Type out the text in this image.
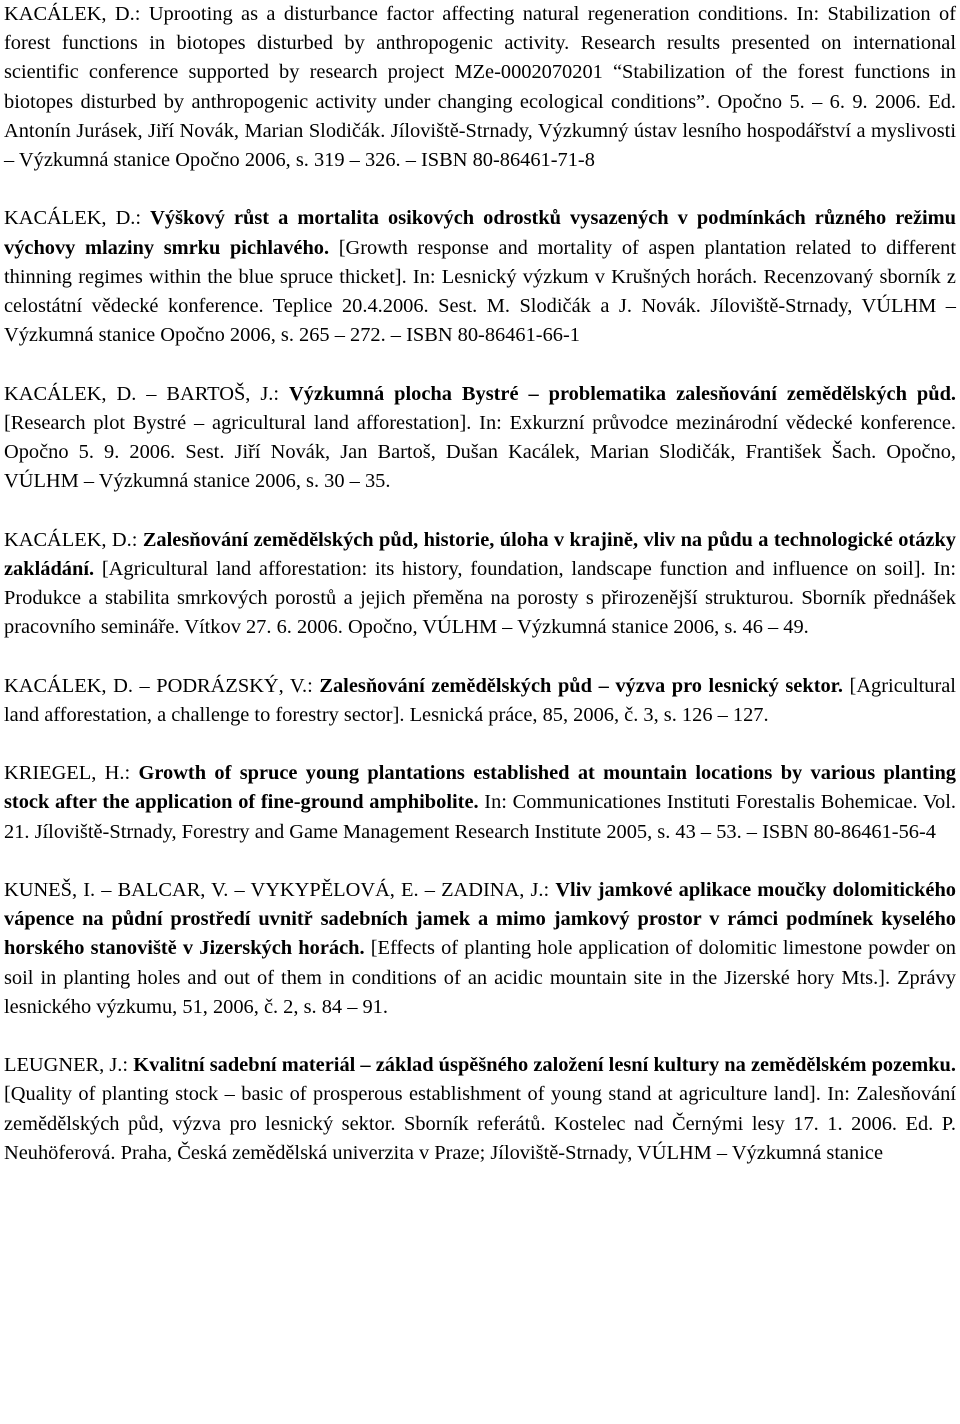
KACÁLEK, D.: Uprooting as a disturbance factor affecting natural regeneration conditions. In: Stabilization of forest functions in biotopes disturbed by anthropogenic activity. Research results presented on international scientific conference supported by research project MZe-0002070201 “Stabilization of the forest functions in biotopes disturbed by anthropogenic activity under changing ecological conditions”. Opočno 5. – 6. 9. 2006. Ed. Antonín Jurásek, Jiří Novák, Marian Slodičák. Jíloviště-Strnady, Výzkumný ústav lesního hospodářství a myslivosti – Výzkumná stanice Opočno 2006, s. 319 – 326. – ISBN 80-86461-71-8

KACÁLEK, D.: Výškový růst a mortalita osikových odrostků vysazených v podmínkách různého režimu výchovy mlaziny smrku pichlavého. [Growth response and mortality of aspen plantation related to different thinning regimes within the blue spruce thicket]. In: Lesnický výzkum v Krušných horách. Recenzovaný sborník z celostátní vědecké konference. Teplice 20.4.2006. Sest. M. Slodičák a J. Novák. Jíloviště-Strnady, VÚLHM – Výzkumná stanice Opočno 2006, s. 265 – 272. – ISBN 80-86461-66-1

KACÁLEK, D. – BARTOŠ, J.: Výzkumná plocha Bystré – problematika zalesňování zemědělských půd. [Research plot Bystré – agricultural land afforestation]. In: Exkurzní průvodce mezinárodní vědecké konference. Opočno 5. 9. 2006. Sest. Jiří Novák, Jan Bartoš, Dušan Kacálek, Marian Slodičák, František Šach. Opočno, VÚLHM – Výzkumná stanice 2006, s. 30 – 35.

KACÁLEK, D.: Zalesňování zemědělských půd, historie, úloha v krajině, vliv na půdu a technologické otázky zakládání. [Agricultural land afforestation: its history, foundation, landscape function and influence on soil]. In: Produkce a stabilita smrkových porostů a jejich přeměna na porosty s přirozenější strukturou. Sborník přednášek pracovního semináře. Vítkov 27. 6. 2006. Opočno, VÚLHM – Výzkumná stanice 2006, s. 46 – 49.

KACÁLEK, D. – PODRÁZSKÝ, V.: Zalesňování zemědělských půd – výzva pro lesnický sektor. [Agricultural land afforestation, a challenge to forestry sector]. Lesnická práce, 85, 2006, č. 3, s. 126 – 127.

KRIEGEL, H.: Growth of spruce young plantations established at mountain locations by various planting stock after the application of fine-ground amphibolite. In: Communicationes Instituti Forestalis Bohemicae. Vol. 21. Jíloviště-Strnady, Forestry and Game Management Research Institute 2005, s. 43 – 53. – ISBN 80-86461-56-4

KUNEŠ, I. – BALCAR, V. – VYKYPĚLOVÁ, E. – ZADINA, J.: Vliv jamkové aplikace moučky dolomitického vápence na půdní prostředí uvnitř sadebních jamek a mimo jamkový prostor v rámci podmínek kyselého horského stanoviště v Jizerských horách. [Effects of planting hole application of dolomitic limestone powder on soil in planting holes and out of them in conditions of an acidic mountain site in the Jizerské hory Mts.]. Zprávy lesnického výzkumu, 51, 2006, č. 2, s. 84 – 91.

LEUGNER, J.: Kvalitní sadební materiál – základ úspěšného založení lesní kultury na zemědělském pozemku. [Quality of planting stock – basic of prosperous establishment of young stand at agriculture land]. In: Zalesňování zemědělských půd, výzva pro lesnický sektor. Sborník referátů. Kostelec nad Černými lesy 17. 1. 2006. Ed. P. Neuhöferová. Praha, Česká zemědělská univerzita v Praze; Jíloviště-Strnady, VÚLHM – Výzkumná stanice
